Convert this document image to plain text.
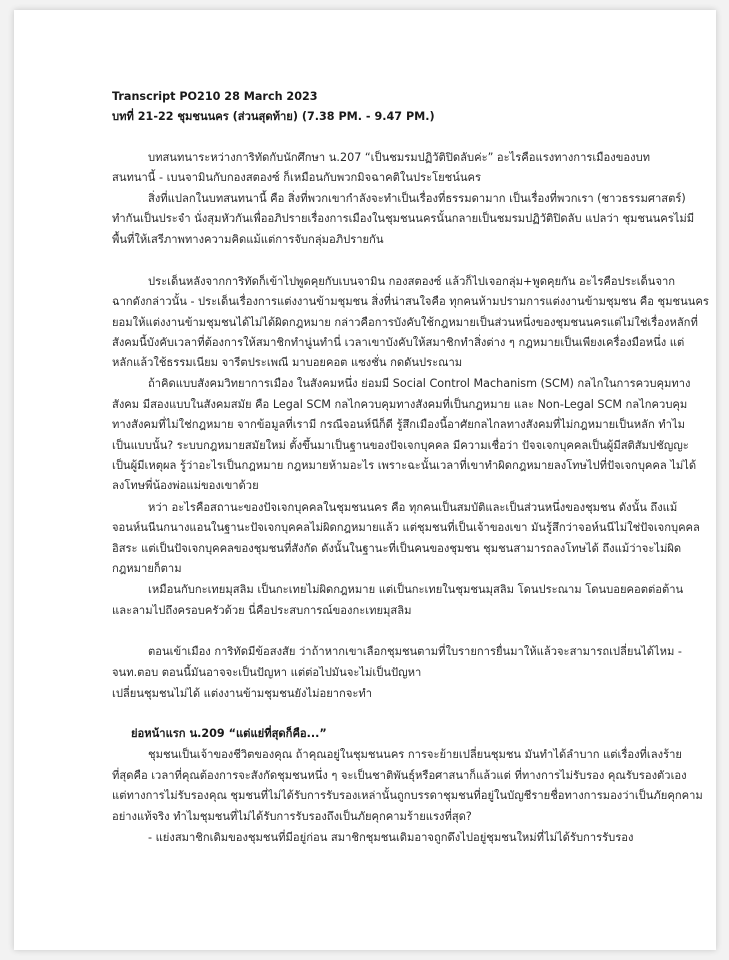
Transcript PO210 28 March 2023
บทที่ 21-22 ชุมชนนคร (ส่วนสุดท้าย) (7.38 PM. - 9.47 PM.)
บทสนทนาระหว่างการิทัดกับนักศึกษา น.207 “เป็นชมรมปฏิวัติปิดลับค่ะ” อะไรคือแรงทางการเมืองของบท
สนทนานี้ - เบนจามินกับกองสตองซ์ ก็เหมือนกับพวกมิจฉาคติในประโยชน์นคร
สิ่งที่แปลกในบทสนทนานี้ คือ สิ่งที่พวกเขากำลังจะทำเป็นเรื่องที่ธรรมดามาก เป็นเรื่องที่พวกเรา (ชาวธรรมศาสตร์)
ทำกันเป็นประจำ นั่งสุมหัวกันเพื่ออภิปรายเรื่องการเมืองในชุมชนนครนั้นกลายเป็นชมรมปฏิวัติปิดลับ แปลว่า ชุมชนนครไม่มี
พื้นที่ให้เสรีภาพทางความคิดแม้แต่การจับกลุ่มอภิปรายกัน
ประเด็นหลังจากการิทัดก็เข้าไปพูดคุยกับเบนจามิน กองสตองซ์ แล้วก็ไปเจอกลุ่ม+พูดคุยกัน อะไรคือประเด็นจาก
ฉากดังกล่าวนั้น - ประเด็นเรื่องการแต่งงานข้ามชุมชน สิ่งที่น่าสนใจคือ ทุกคนห้ามปรามการแต่งงานข้ามชุมชน คือ ชุมชนนคร
ยอมให้แต่งงานข้ามชุมชนได้ไม่ได้ผิดกฎหมาย กล่าวคือการบังคับใช้กฎหมายเป็นส่วนหนึ่งของชุมชนนครแต่ไม่ใช่เรื่องหลักที่
สังคมนี้บังคับเวลาที่ต้องการให้สมาชิกทำนู่นทำนี่ เวลาเขาบังคับให้สมาชิกทำสิ่งต่าง ๆ กฎหมายเป็นเพียงเครื่องมือหนึ่ง แต่
หลักแล้วใช้ธรรมเนียม จารีตประเพณี มาบอยคอต แซงชั่น กดดันประณาม
ถ้าคิดแบบสังคมวิทยาการเมือง ในสังคมหนึ่ง ย่อมมี Social Control Machanism (SCM) กลไกในการควบคุมทาง
สังคม มีสองแบบในสังคมสมัย คือ Legal SCM กลไกควบคุมทางสังคมที่เป็นกฎหมาย และ Non-Legal SCM กลไกควบคุม
ทางสังคมที่ไม่ใช่กฎหมาย จากข้อมูลที่เรามี กรณีจอนห์นีก็ดี รู้สึกเมืองนี้อาศัยกลไกลทางสังคมที่ไม่กฎหมายเป็นหลัก ทำไม
เป็นแบบนั้น? ระบบกฎหมายสมัยใหม่ ตั้งขึ้นมาเป็นฐานของปัจเจกบุคคล มีความเชื่อว่า ปัจจเจกบุคคลเป็นผู้มีสติสัมปชัญญะ
เป็นผู้มีเหตุผล รู้ว่าอะไรเป็นกฎหมาย กฎหมายห้ามอะไร เพราะฉะนั้นเวลาที่เขาทำผิดกฎหมายลงโทษไปที่ปัจเจกบุคคล ไม่ได้
ลงโทษพี่น้องพ่อแม่ของเขาด้วย
หว่า อะไรคือสถานะของปัจเจกบุคคลในชุมชนนคร คือ ทุกคนเป็นสมบัติและเป็นส่วนหนึ่งของชุมชน ดังนั้น ถึงแม้
จอนห์นนีนกนางแอนในฐานะปัจเจกบุคคลไม่ผิดกฎหมายแล้ว แต่ชุมชนที่เป็นเจ้าของเขา มันรู้สึกว่าจอห์นนีไม่ใช่ปัจเจกบุคคล
อิสระ แต่เป็นปัจเจกบุคคลของชุมชนที่สังกัด ดังนั้นในฐานะที่เป็นคนของชุมชน ชุมชนสามารถลงโทษได้ ถึงแม้ว่าจะไม่ผิด
กฎหมายก็ตาม
เหมือนกับกะเทยมุสลิม เป็นกะเทยไม่ผิดกฎหมาย แต่เป็นกะเทยในชุมชนมุสลิม โดนประณาม โดนบอยคอตต่อต้าน
และลามไปถึงครอบครัวด้วย นี่คือประสบการณ์ของกะเทยมุสลิม
ตอนเข้าเมือง การิทัดมีข้อสงสัย ว่าถ้าหากเขาเลือกชุมชนตามที่ใบรายการยื่นมาให้แล้วจะสามารถเปลี่ยนได้ไหม -
จนท.ตอบ ตอนนี้มันอาจจะเป็นปัญหา แต่ต่อไปมันจะไม่เป็นปัญหา
เปลี่ยนชุมชนไม่ได้ แต่งงานข้ามชุมชนยังไม่อยากจะทำ
ย่อหน้าแรก น.209 “แต่แย่ที่สุดก็คือ...”
ชุมชนเป็นเจ้าของชีวิตของคุณ ถ้าคุณอยู่ในชุมชนนคร การจะย้ายเปลี่ยนชุมชน มันทำได้ลำบาก แต่เรื่องที่เลงร้าย
ที่สุดคือ เวลาที่คุณต้องการจะสังกัดชุมชนหนึ่ง ๆ จะเป็นชาติพันธุ์หรือศาสนาก็แล้วแต่ ที่ทางการไม่รับรอง คุณรับรองตัวเอง
แต่ทางการไม่รับรองคุณ ชุมชนที่ไม่ได้รับการรับรองเหล่านั้นถูกบรรดาชุมชนที่อยู่ในบัญชีรายชื่อทางการมองว่าเป็นภัยคุกคาม
อย่างแท้จริง ทำไมชุมชนที่ไม่ได้รับการรับรองถึงเป็นภัยคุกคามร้ายแรงที่สุด?
- แย่งสมาชิกเดิมของชุมชนที่มีอยู่ก่อน สมาชิกชุมชนเดิมอาจถูกดึงไปอยู่ชุมชนใหม่ที่ไม่ได้รับการรับรอง
